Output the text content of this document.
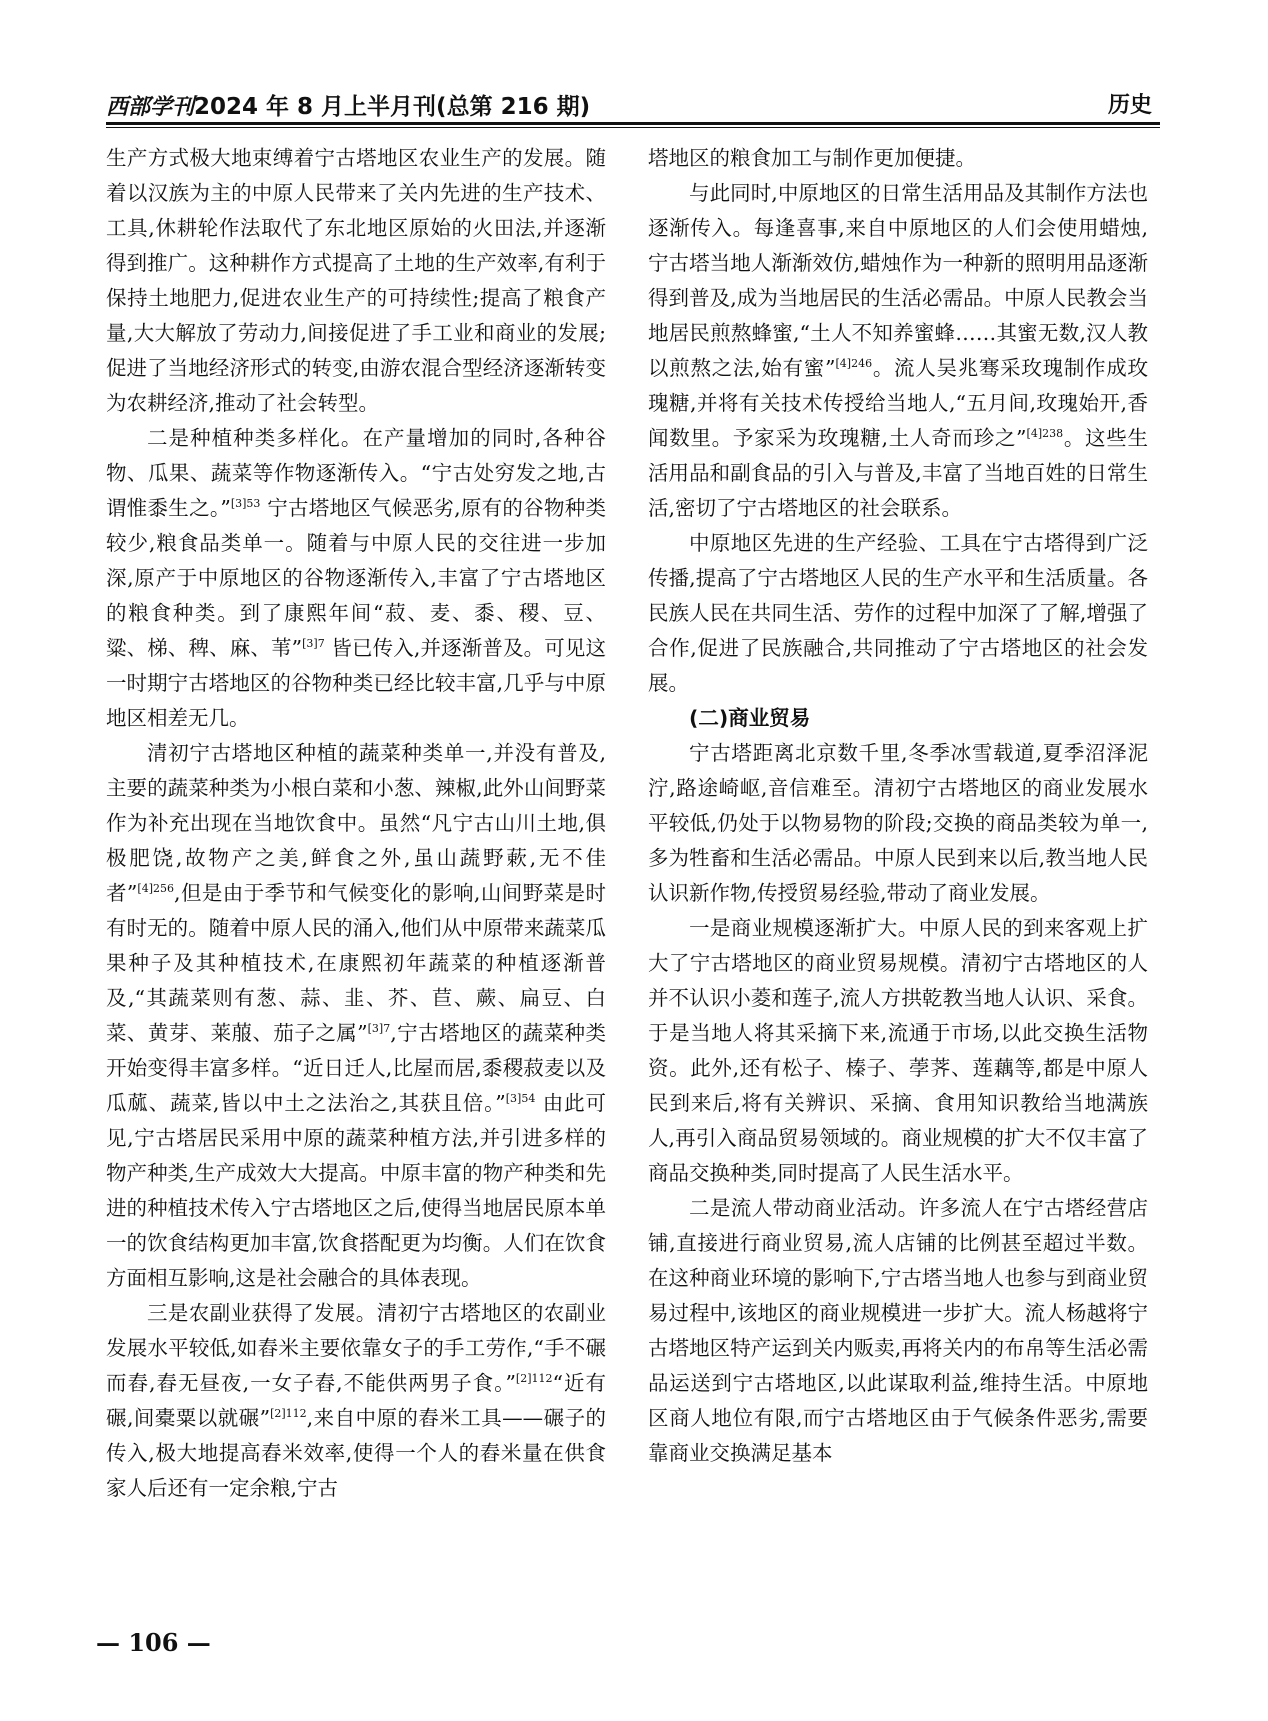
西部学刊2024 年 8 月上半月刊(总第 216 期)	历史

生产方式极大地束缚着宁古塔地区农业生产的发展。随着以汉族为主的中原人民带来了关内先进的生产技术、工具,休耕轮作法取代了东北地区原始的火田法,并逐渐得到推广。这种耕作方式提高了土地的生产效率,有利于保持土地肥力,促进农业生产的可持续性;提高了粮食产量,大大解放了劳动力,间接促进了手工业和商业的发展;促进了当地经济形式的转变,由游农混合型经济逐渐转变为农耕经济,推动了社会转型。

二是种植种类多样化。在产量增加的同时,各种谷物、瓜果、蔬菜等作物逐渐传入。“宁古处穷发之地,古谓惟黍生之。”$^{[3]53}$ 宁古塔地区气候恶劣,原有的谷物种类较少,粮食品类单一。随着与中原人民的交往进一步加深,原产于中原地区的谷物逐渐传入,丰富了宁古塔地区的粮食种类。到了康熙年间“菽、麦、黍、稷、豆、粱、梯、稗、麻、苇”$^{[3]7}$ 皆已传入,并逐渐普及。可见这一时期宁古塔地区的谷物种类已经比较丰富,几乎与中原地区相差无几。

清初宁古塔地区种植的蔬菜种类单一,并没有普及,主要的蔬菜种类为小根白菜和小葱、辣椒,此外山间野菜作为补充出现在当地饮食中。虽然“凡宁古山川土地,俱极肥饶,故物产之美,鲜食之外,虽山蔬野蔌,无不佳者”$^{[4]256}$,但是由于季节和气候变化的影响,山间野菜是时有时无的。随着中原人民的涌入,他们从中原带来蔬菜瓜果种子及其种植技术,在康熙初年蔬菜的种植逐渐普及,“其蔬菜则有葱、蒜、韭、芥、苣、蕨、扁豆、白菜、黄芽、莱菔、茄子之属”$^{[3]7}$,宁古塔地区的蔬菜种类开始变得丰富多样。“近日迁人,比屋而居,黍稷菽麦以及瓜蓏、蔬菜,皆以中土之法治之,其获且倍。”$^{[3]54}$ 由此可见,宁古塔居民采用中原的蔬菜种植方法,并引进多样的物产种类,生产成效大大提高。中原丰富的物产种类和先进的种植技术传入宁古塔地区之后,使得当地居民原本单一的饮食结构更加丰富,饮食搭配更为均衡。人们在饮食方面相互影响,这是社会融合的具体表现。

三是农副业获得了发展。清初宁古塔地区的农副业发展水平较低,如舂米主要依靠女子的手工劳作,“手不碾而舂,舂无昼夜,一女子舂,不能供两男子食。”$^{[2]112}$“近有碾,间橐粟以就碾”$^{[2]112}$,来自中原的舂米工具——碾子的传入,极大地提高舂米效率,使得一个人的舂米量在供食家人后还有一定余粮,宁古

塔地区的粮食加工与制作更加便捷。

与此同时,中原地区的日常生活用品及其制作方法也逐渐传入。每逢喜事,来自中原地区的人们会使用蜡烛,宁古塔当地人渐渐效仿,蜡烛作为一种新的照明用品逐渐得到普及,成为当地居民的生活必需品。中原人民教会当地居民煎熬蜂蜜,“土人不知养蜜蜂……其蜜无数,汉人教以煎熬之法,始有蜜”$^{[4]246}$。流人吴兆骞采玫瑰制作成玫瑰糖,并将有关技术传授给当地人,“五月间,玫瑰始开,香闻数里。予家采为玫瑰糖,土人奇而珍之”$^{[4]238}$。这些生活用品和副食品的引入与普及,丰富了当地百姓的日常生活,密切了宁古塔地区的社会联系。

中原地区先进的生产经验、工具在宁古塔得到广泛传播,提高了宁古塔地区人民的生产水平和生活质量。各民族人民在共同生活、劳作的过程中加深了了解,增强了合作,促进了民族融合,共同推动了宁古塔地区的社会发展。

(二)商业贸易

宁古塔距离北京数千里,冬季冰雪载道,夏季沼泽泥泞,路途崎岖,音信难至。清初宁古塔地区的商业发展水平较低,仍处于以物易物的阶段;交换的商品类较为单一,多为牲畜和生活必需品。中原人民到来以后,教当地人民认识新作物,传授贸易经验,带动了商业发展。

一是商业规模逐渐扩大。中原人民的到来客观上扩大了宁古塔地区的商业贸易规模。清初宁古塔地区的人并不认识小菱和莲子,流人方拱乾教当地人认识、采食。于是当地人将其采摘下来,流通于市场,以此交换生活物资。此外,还有松子、榛子、荸荠、莲藕等,都是中原人民到来后,将有关辨识、采摘、食用知识教给当地满族人,再引入商品贸易领域的。商业规模的扩大不仅丰富了商品交换种类,同时提高了人民生活水平。

二是流人带动商业活动。许多流人在宁古塔经营店铺,直接进行商业贸易,流人店铺的比例甚至超过半数。在这种商业环境的影响下,宁古塔当地人也参与到商业贸易过程中,该地区的商业规模进一步扩大。流人杨越将宁古塔地区特产运到关内贩卖,再将关内的布帛等生活必需品运送到宁古塔地区,以此谋取利益,维持生活。中原地区商人地位有限,而宁古塔地区由于气候条件恶劣,需要靠商业交换满足基本

— 106 —
